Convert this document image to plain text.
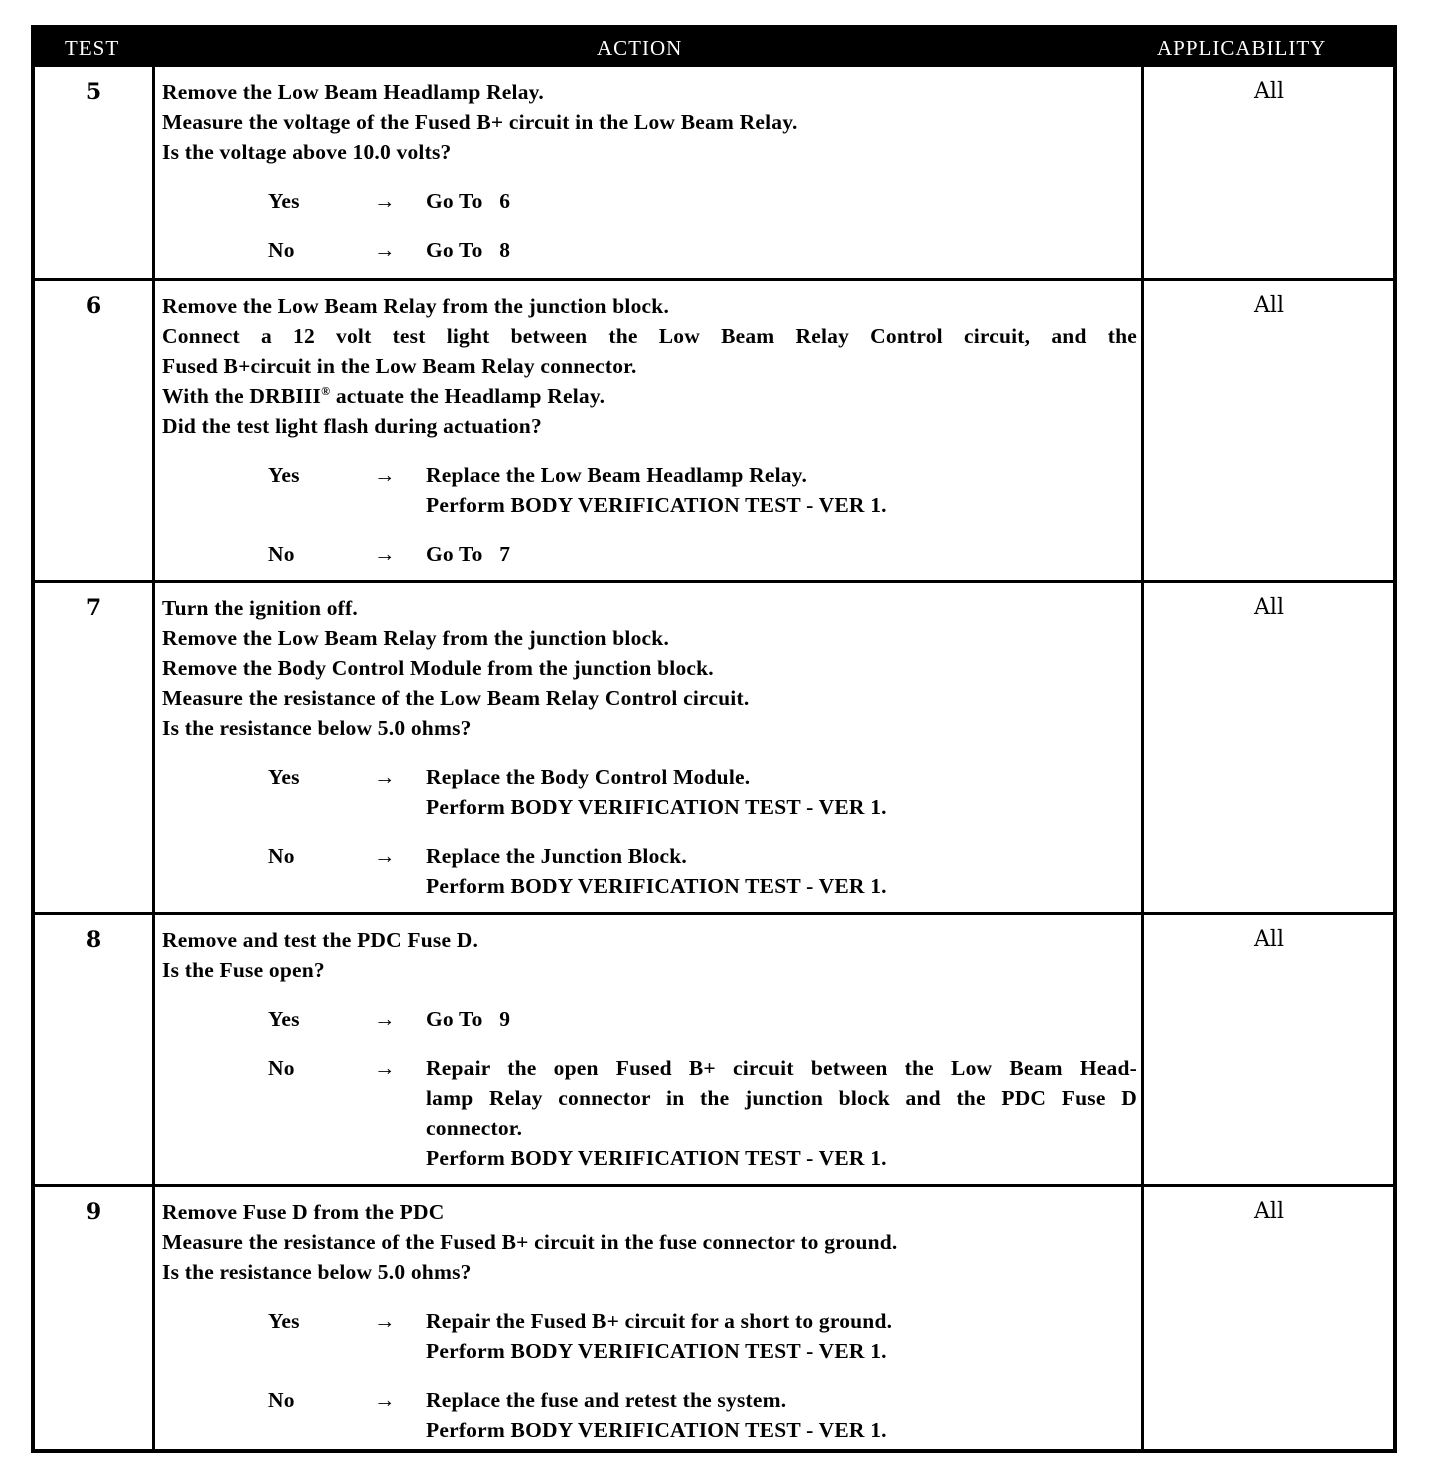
TEST	ACTION	APPLICABILITY
5	Remove the Low Beam Headlamp Relay.
Measure the voltage of the Fused B+ circuit in the Low Beam Relay.
Is the voltage above 10.0 volts?
Yes	→	Go To   6
No	→	Go To   8
All
6	Remove the Low Beam Relay from the junction block.
Connect a 12 volt test light between the Low Beam Relay Control circuit, and the
Fused B+circuit in the Low Beam Relay connector.
With the DRBIII® actuate the Headlamp Relay.
Did the test light flash during actuation?
Yes	→	Replace the Low Beam Headlamp Relay.
Perform BODY VERIFICATION TEST - VER 1.
No	→	Go To   7
All
7	Turn the ignition off.
Remove the Low Beam Relay from the junction block.
Remove the Body Control Module from the junction block.
Measure the resistance of the Low Beam Relay Control circuit.
Is the resistance below 5.0 ohms?
Yes	→	Replace the Body Control Module.
Perform BODY VERIFICATION TEST - VER 1.
No	→	Replace the Junction Block.
Perform BODY VERIFICATION TEST - VER 1.
All
8	Remove and test the PDC Fuse D.
Is the Fuse open?
Yes	→	Go To   9
No	→	Repair the open Fused B+ circuit between the Low Beam Head-
lamp Relay connector in the junction block and the PDC Fuse D
connector.
Perform BODY VERIFICATION TEST - VER 1.
All
9	Remove Fuse D from the PDC
Measure the resistance of the Fused B+ circuit in the fuse connector to ground.
Is the resistance below 5.0 ohms?
Yes	→	Repair the Fused B+ circuit for a short to ground.
Perform BODY VERIFICATION TEST - VER 1.
No	→	Replace the fuse and retest the system.
Perform BODY VERIFICATION TEST - VER 1.
All
